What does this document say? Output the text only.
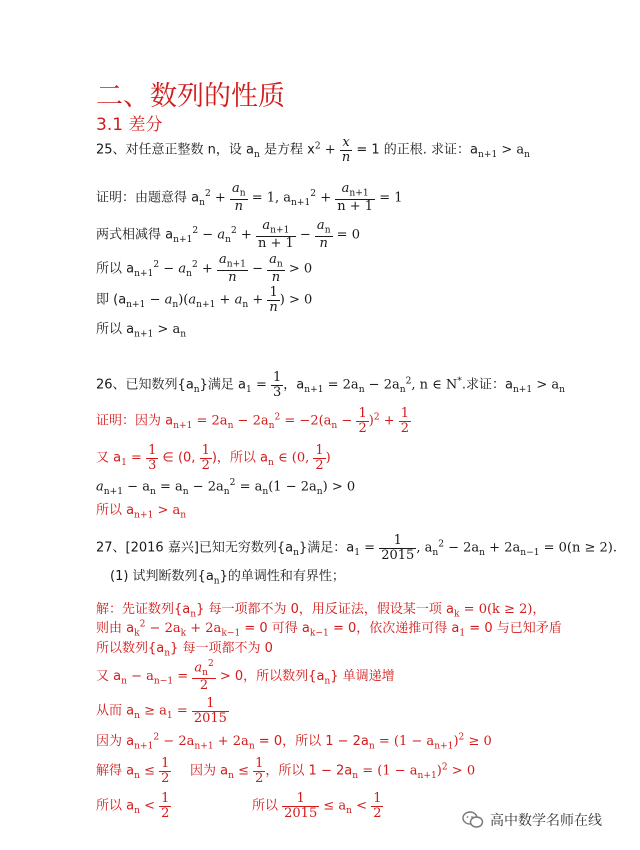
二、数列的性质
3.1 差分
25、对任意正整数 n，设 $a_n$ 是方程 $x^2 + \frac{x}{n} = 1$ 的正根. 求证：$a_{n+1} > a_n$
证明：由题意得 $a_n^2 + \frac{a_n}{n} = 1$, $a_{n+1}^2 + \frac{a_{n+1}}{n + 1} = 1$
两式相减得 $a_{n+1}^2 - a_n^2 + \frac{a_{n+1}}{n + 1} - \frac{a_n}{n} = 0$
所以 $a_{n+1}^2 - a_n^2 + \frac{a_{n+1}}{n} - \frac{a_n}{n} > 0$
即 $(a_{n+1} - a_n)(a_{n+1} + a_n + \frac{1}{n}$ ) > 0
所以 $a_{n+1} > a_n$
26、已知数列$\{a_n\}$满足 $a_1 = \frac{1}{3}$ ，$a_{n+1} = 2a_n - 2a_n^2$, n ∈ N*.求证：$a_{n+1} > a_n$
证明：因为 $a_{n+1} = 2a_n - 2a_n^2 = -2(a_n - \frac{1}{2} )^2 + \frac{1}{2}$
又 $a_1 = \frac{1}{3}$ ∈ (0, $\frac{1}{2}$ )，所以 $a_n$ ∈ (0, $\frac{1}{2}$ )
$a_{n+1} - a_n = a_n - 2a_n^2 = a_n(1 - 2a_n) > 0$
所以 $a_{n+1} > a_n$
27、[2016 嘉兴]已知无穷数列$\{a_n\}$满足：$a_1 = \frac{1}{2015}$ , $a_n^2 - 2a_n + 2a_{n-1} = 0(n \ge 2)$.
(1) 试判断数列$\{a_n\}$的单调性和有界性；
解：先证数列$\{a_n\}$ 每一项都不为 0，用反证法，假设某一项 $a_k = 0(k \ge 2)$，
则由 $a_k^2 - 2a_k + 2a_{k-1} = 0$ 可得 $a_{k-1} = 0$，依次递推可得 $a_1 = 0$ 与已知矛盾
所以数列$\{a_n\}$ 每一项都不为 0
又 $a_n - a_{n-1} = \frac{a_n^2}{2} > 0$，所以数列$\{a_n\}$ 单调递增
从而 $a_n \ge a_1 = \frac{1}{2015}$
因为 $a_{n+1}^2 - 2a_{n+1} + 2a_n = 0$，所以 $1 - 2a_n = (1 - a_{n+1})^2 \ge 0$
解得 $a_n \le \frac{1}{2}$ 因为 $a_n \le \frac{1}{2}$ ，所以 $1 - 2a_n = (1 - a_{n+1})^2 > 0$
所以 $a_n < \frac{1}{2}$	所以 $\frac{1}{2015} \le a_n < \frac{1}{2}$
高中数学名师在线
